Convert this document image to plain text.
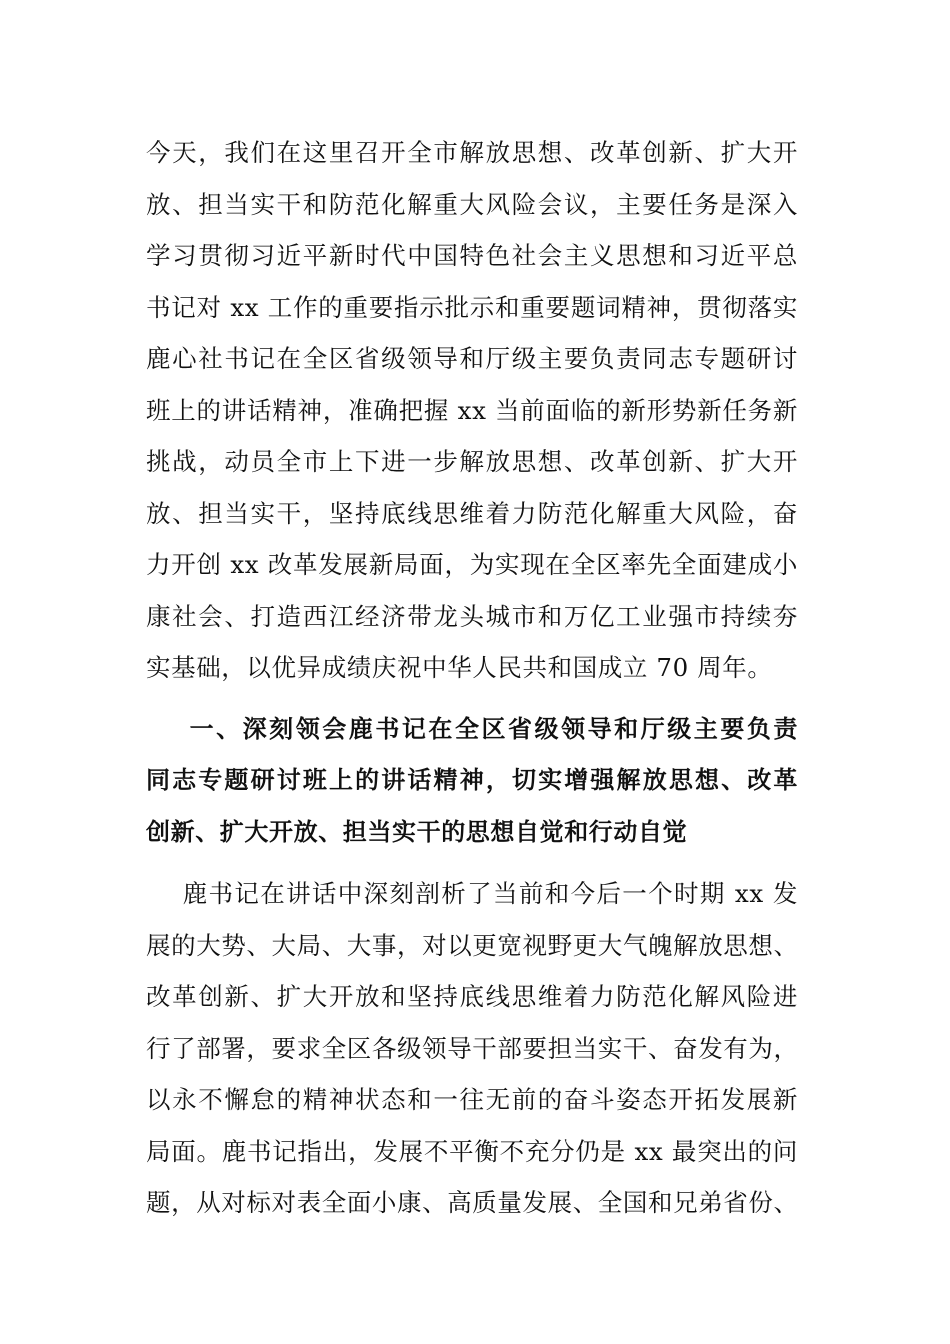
今天，我们在这里召开全市解放思想、改革创新、扩大开
放、担当实干和防范化解重大风险会议，主要任务是深入
学习贯彻习近平新时代中国特色社会主义思想和习近平总
书记对 xx 工作的重要指示批示和重要题词精神，贯彻落实
鹿心社书记在全区省级领导和厅级主要负责同志专题研讨
班上的讲话精神，准确把握 xx 当前面临的新形势新任务新
挑战，动员全市上下进一步解放思想、改革创新、扩大开
放、担当实干，坚持底线思维着力防范化解重大风险，奋
力开创 xx 改革发展新局面，为实现在全区率先全面建成小
康社会、打造西江经济带龙头城市和万亿工业强市持续夯
实基础，以优异成绩庆祝中华人民共和国成立 70 周年。
一、深刻领会鹿书记在全区省级领导和厅级主要负责
同志专题研讨班上的讲话精神，切实增强解放思想、改革
创新、扩大开放、担当实干的思想自觉和行动自觉
鹿书记在讲话中深刻剖析了当前和今后一个时期 xx 发
展的大势、大局、大事，对以更宽视野更大气魄解放思想、
改革创新、扩大开放和坚持底线思维着力防范化解风险进
行了部署，要求全区各级领导干部要担当实干、奋发有为，
以永不懈怠的精神状态和一往无前的奋斗姿态开拓发展新
局面。鹿书记指出，发展不平衡不充分仍是 xx 最突出的问
题，从对标对表全面小康、高质量发展、全国和兄弟省份、
